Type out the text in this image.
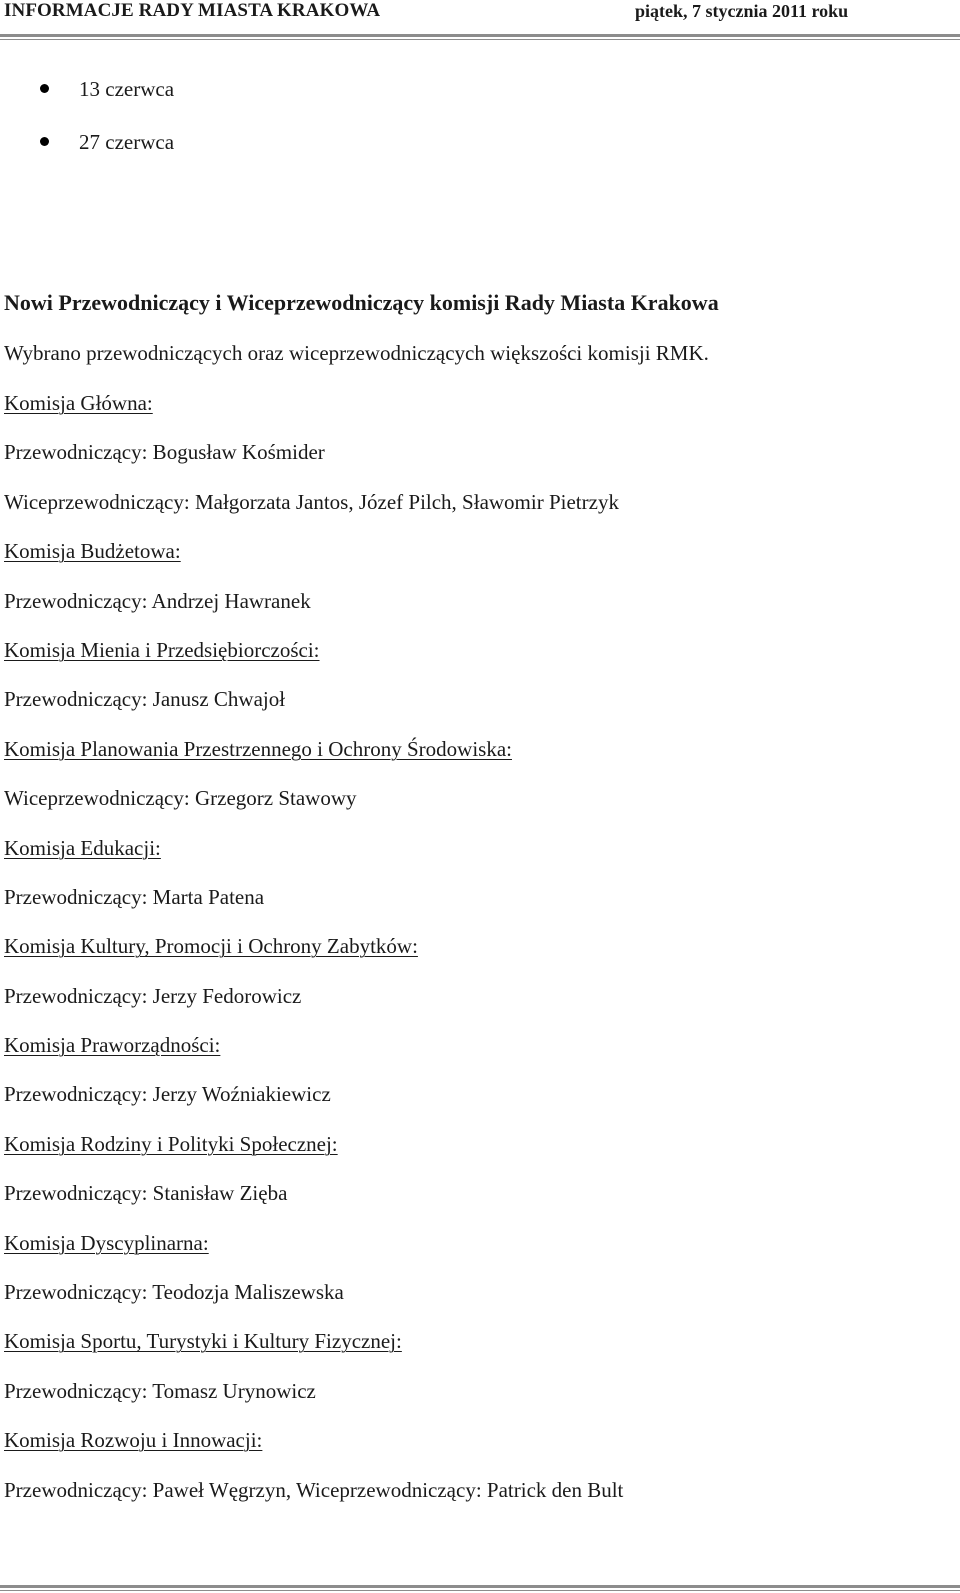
INFORMACJE RADY MIASTA KRAKOWA	piątek, 7 stycznia 2011 roku
13 czerwca
27 czerwca
Nowi Przewodniczący i Wiceprzewodniczący komisji Rady Miasta Krakowa
Wybrano przewodniczących oraz wiceprzewodniczących większości komisji RMK.
Komisja Główna:
Przewodniczący: Bogusław Kośmider
Wiceprzewodniczący: Małgorzata Jantos, Józef Pilch, Sławomir Pietrzyk
Komisja Budżetowa:
Przewodniczący: Andrzej Hawranek
Komisja Mienia i Przedsiębiorczości:
Przewodniczący: Janusz Chwajoł
Komisja Planowania Przestrzennego i Ochrony Środowiska:
Wiceprzewodniczący: Grzegorz Stawowy
Komisja Edukacji:
Przewodniczący: Marta Patena
Komisja Kultury, Promocji i Ochrony Zabytków:
Przewodniczący: Jerzy Fedorowicz
Komisja Praworządności:
Przewodniczący: Jerzy Woźniakiewicz
Komisja Rodziny i Polityki Społecznej:
Przewodniczący: Stanisław Zięba
Komisja Dyscyplinarna:
Przewodniczący: Teodozja Maliszewska
Komisja Sportu, Turystyki i Kultury Fizycznej:
Przewodniczący: Tomasz Urynowicz
Komisja Rozwoju i Innowacji:
Przewodniczący: Paweł Węgrzyn, Wiceprzewodniczący: Patrick den Bult
